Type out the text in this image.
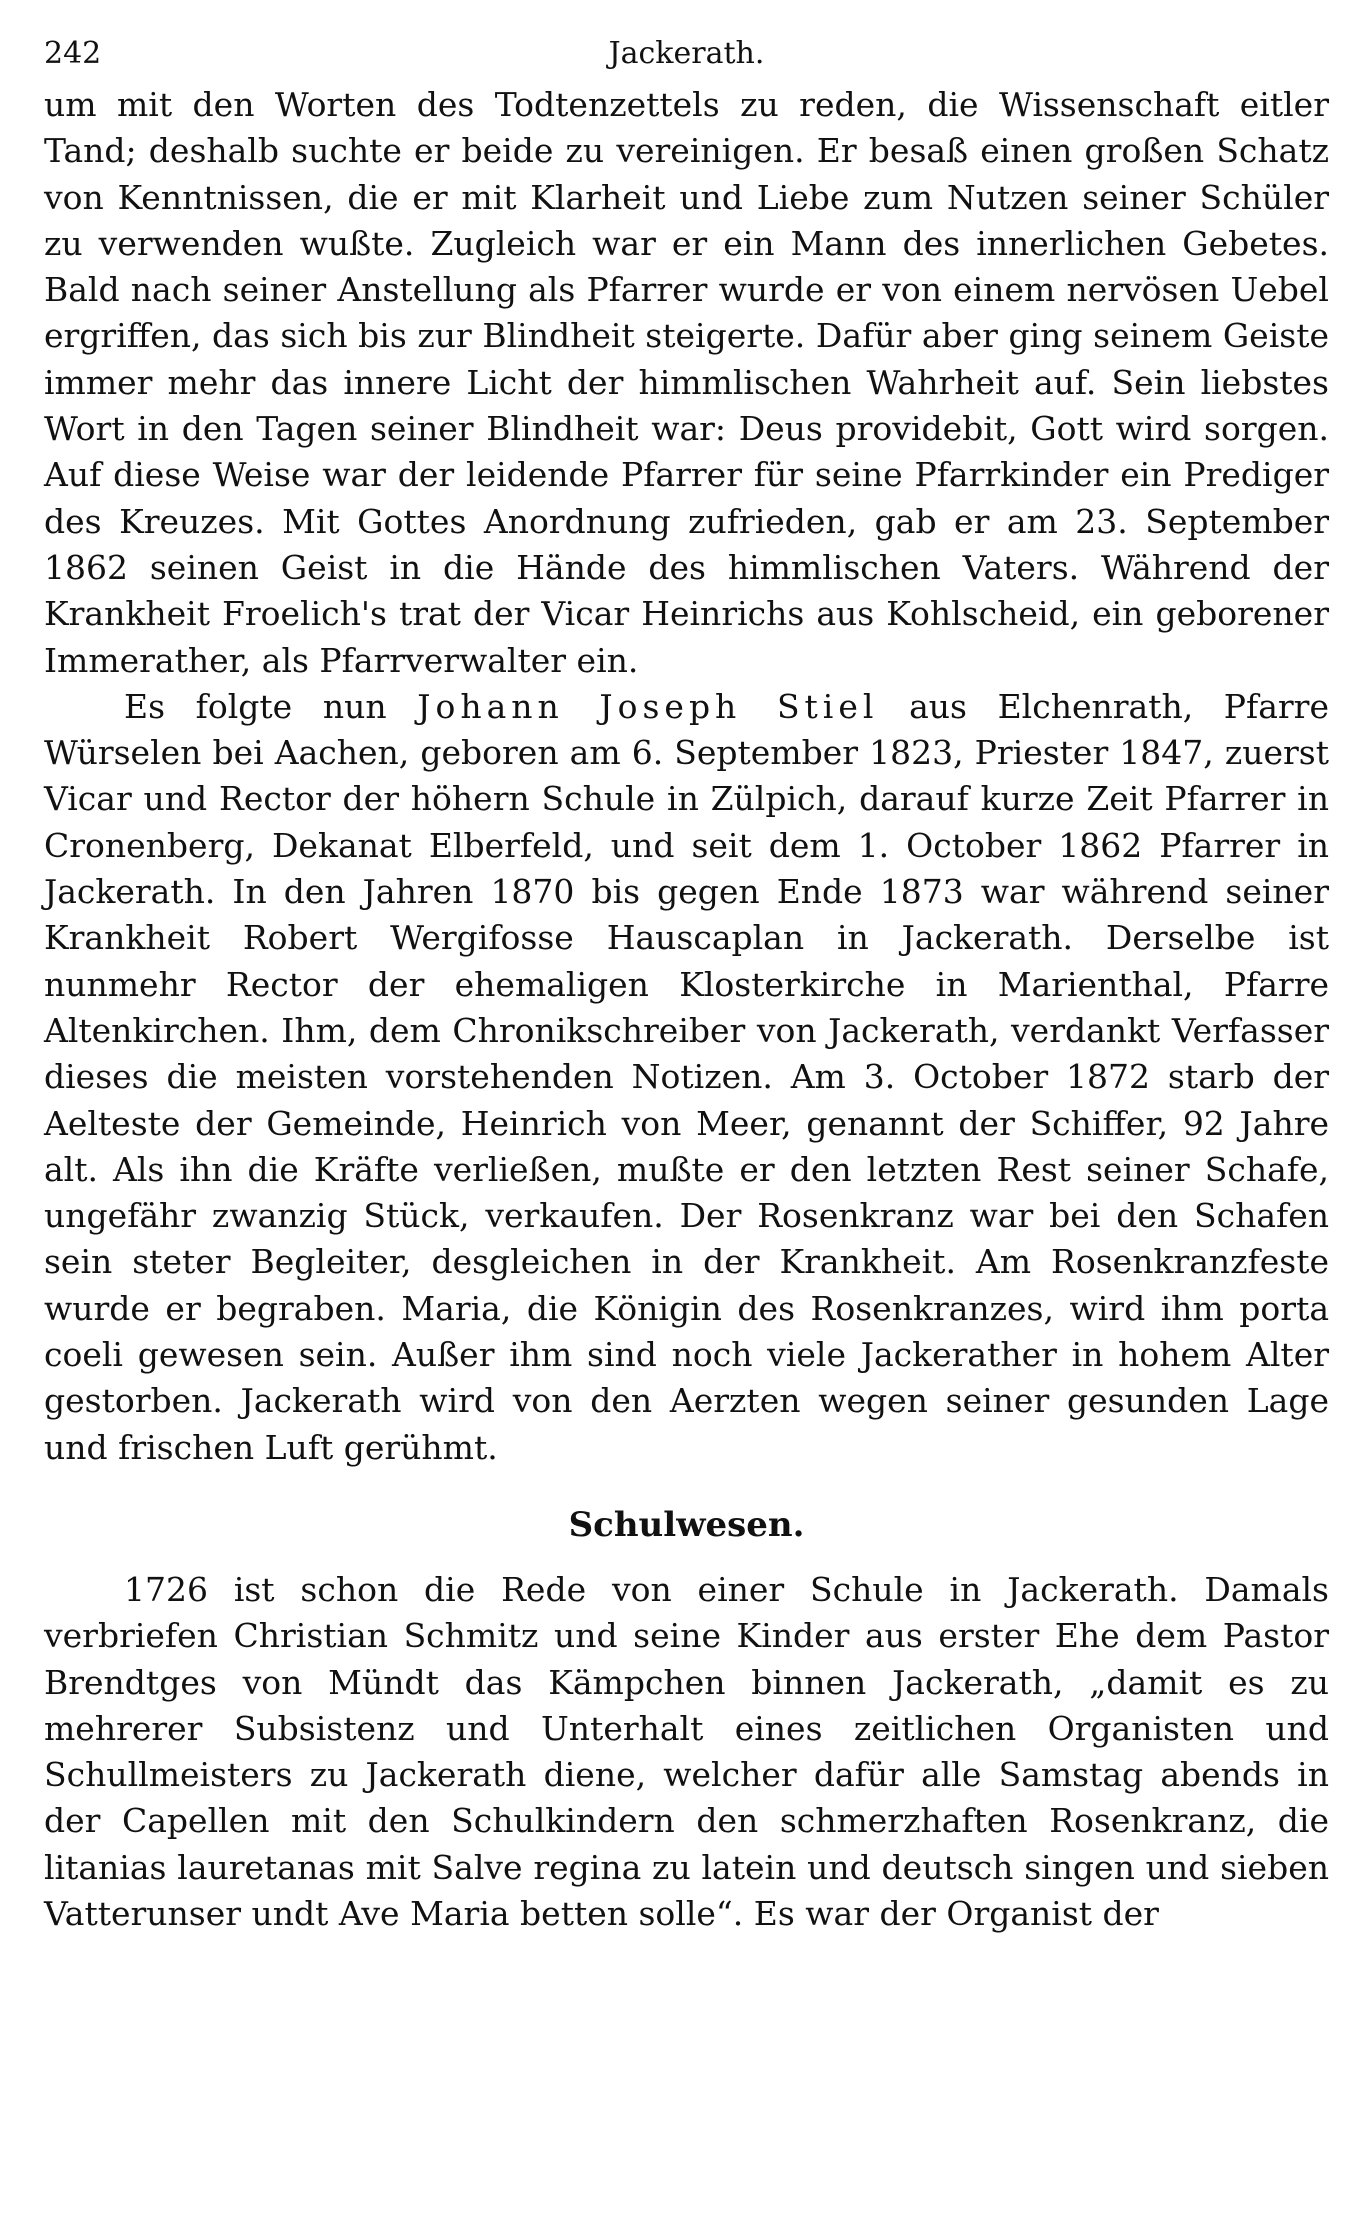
242	Jackerath.

um mit den Worten des Todtenzettels zu reden, die Wissenschaft eitler Tand; deshalb suchte er beide zu vereinigen. Er besaß einen großen Schatz von Kenntnissen, die er mit Klarheit und Liebe zum Nutzen seiner Schüler zu verwenden wußte. Zugleich war er ein Mann des innerlichen Gebetes. Bald nach seiner Anstellung als Pfarrer wurde er von einem nervösen Uebel ergriffen, das sich bis zur Blindheit steigerte. Dafür aber ging seinem Geiste immer mehr das innere Licht der himmlischen Wahrheit auf. Sein liebstes Wort in den Tagen seiner Blindheit war: Deus providebit, Gott wird sorgen. Auf diese Weise war der leidende Pfarrer für seine Pfarrkinder ein Prediger des Kreuzes. Mit Gottes Anordnung zufrieden, gab er am 23. September 1862 seinen Geist in die Hände des himmlischen Vaters. Während der Krankheit Froelich's trat der Vicar Heinrichs aus Kohlscheid, ein geborener Immerather, als Pfarrverwalter ein.

Es folgte nun Johann Joseph Stiel aus Elchenrath, Pfarre Würselen bei Aachen, geboren am 6. September 1823, Priester 1847, zuerst Vicar und Rector der höhern Schule in Zülpich, darauf kurze Zeit Pfarrer in Cronenberg, Dekanat Elberfeld, und seit dem 1. October 1862 Pfarrer in Jackerath. In den Jahren 1870 bis gegen Ende 1873 war während seiner Krankheit Robert Wergifosse Hauscaplan in Jackerath. Derselbe ist nunmehr Rector der ehemaligen Klosterkirche in Marienthal, Pfarre Altenkirchen. Ihm, dem Chronikschreiber von Jackerath, verdankt Verfasser dieses die meisten vorstehenden Notizen. Am 3. October 1872 starb der Aelteste der Gemeinde, Heinrich von Meer, genannt der Schiffer, 92 Jahre alt. Als ihn die Kräfte verließen, mußte er den letzten Rest seiner Schafe, ungefähr zwanzig Stück, verkaufen. Der Rosenkranz war bei den Schafen sein steter Begleiter, desgleichen in der Krankheit. Am Rosenkranzfeste wurde er begraben. Maria, die Königin des Rosenkranzes, wird ihm porta coeli gewesen sein. Außer ihm sind noch viele Jackerather in hohem Alter gestorben. Jackerath wird von den Aerzten wegen seiner gesunden Lage und frischen Luft gerühmt.

Schulwesen.

1726 ist schon die Rede von einer Schule in Jackerath. Damals verbriefen Christian Schmitz und seine Kinder aus erster Ehe dem Pastor Brendtges von Mündt das Kämpchen binnen Jackerath, „damit es zu mehrerer Subsistenz und Unterhalt eines zeitlichen Organisten und Schullmeisters zu Jackerath diene, welcher dafür alle Samstag abends in der Capellen mit den Schulkindern den schmerzhaften Rosenkranz, die litanias lauretanas mit Salve regina zu latein und deutsch singen und sieben Vatterunser undt Ave Maria betten solle“. Es war der Organist der
